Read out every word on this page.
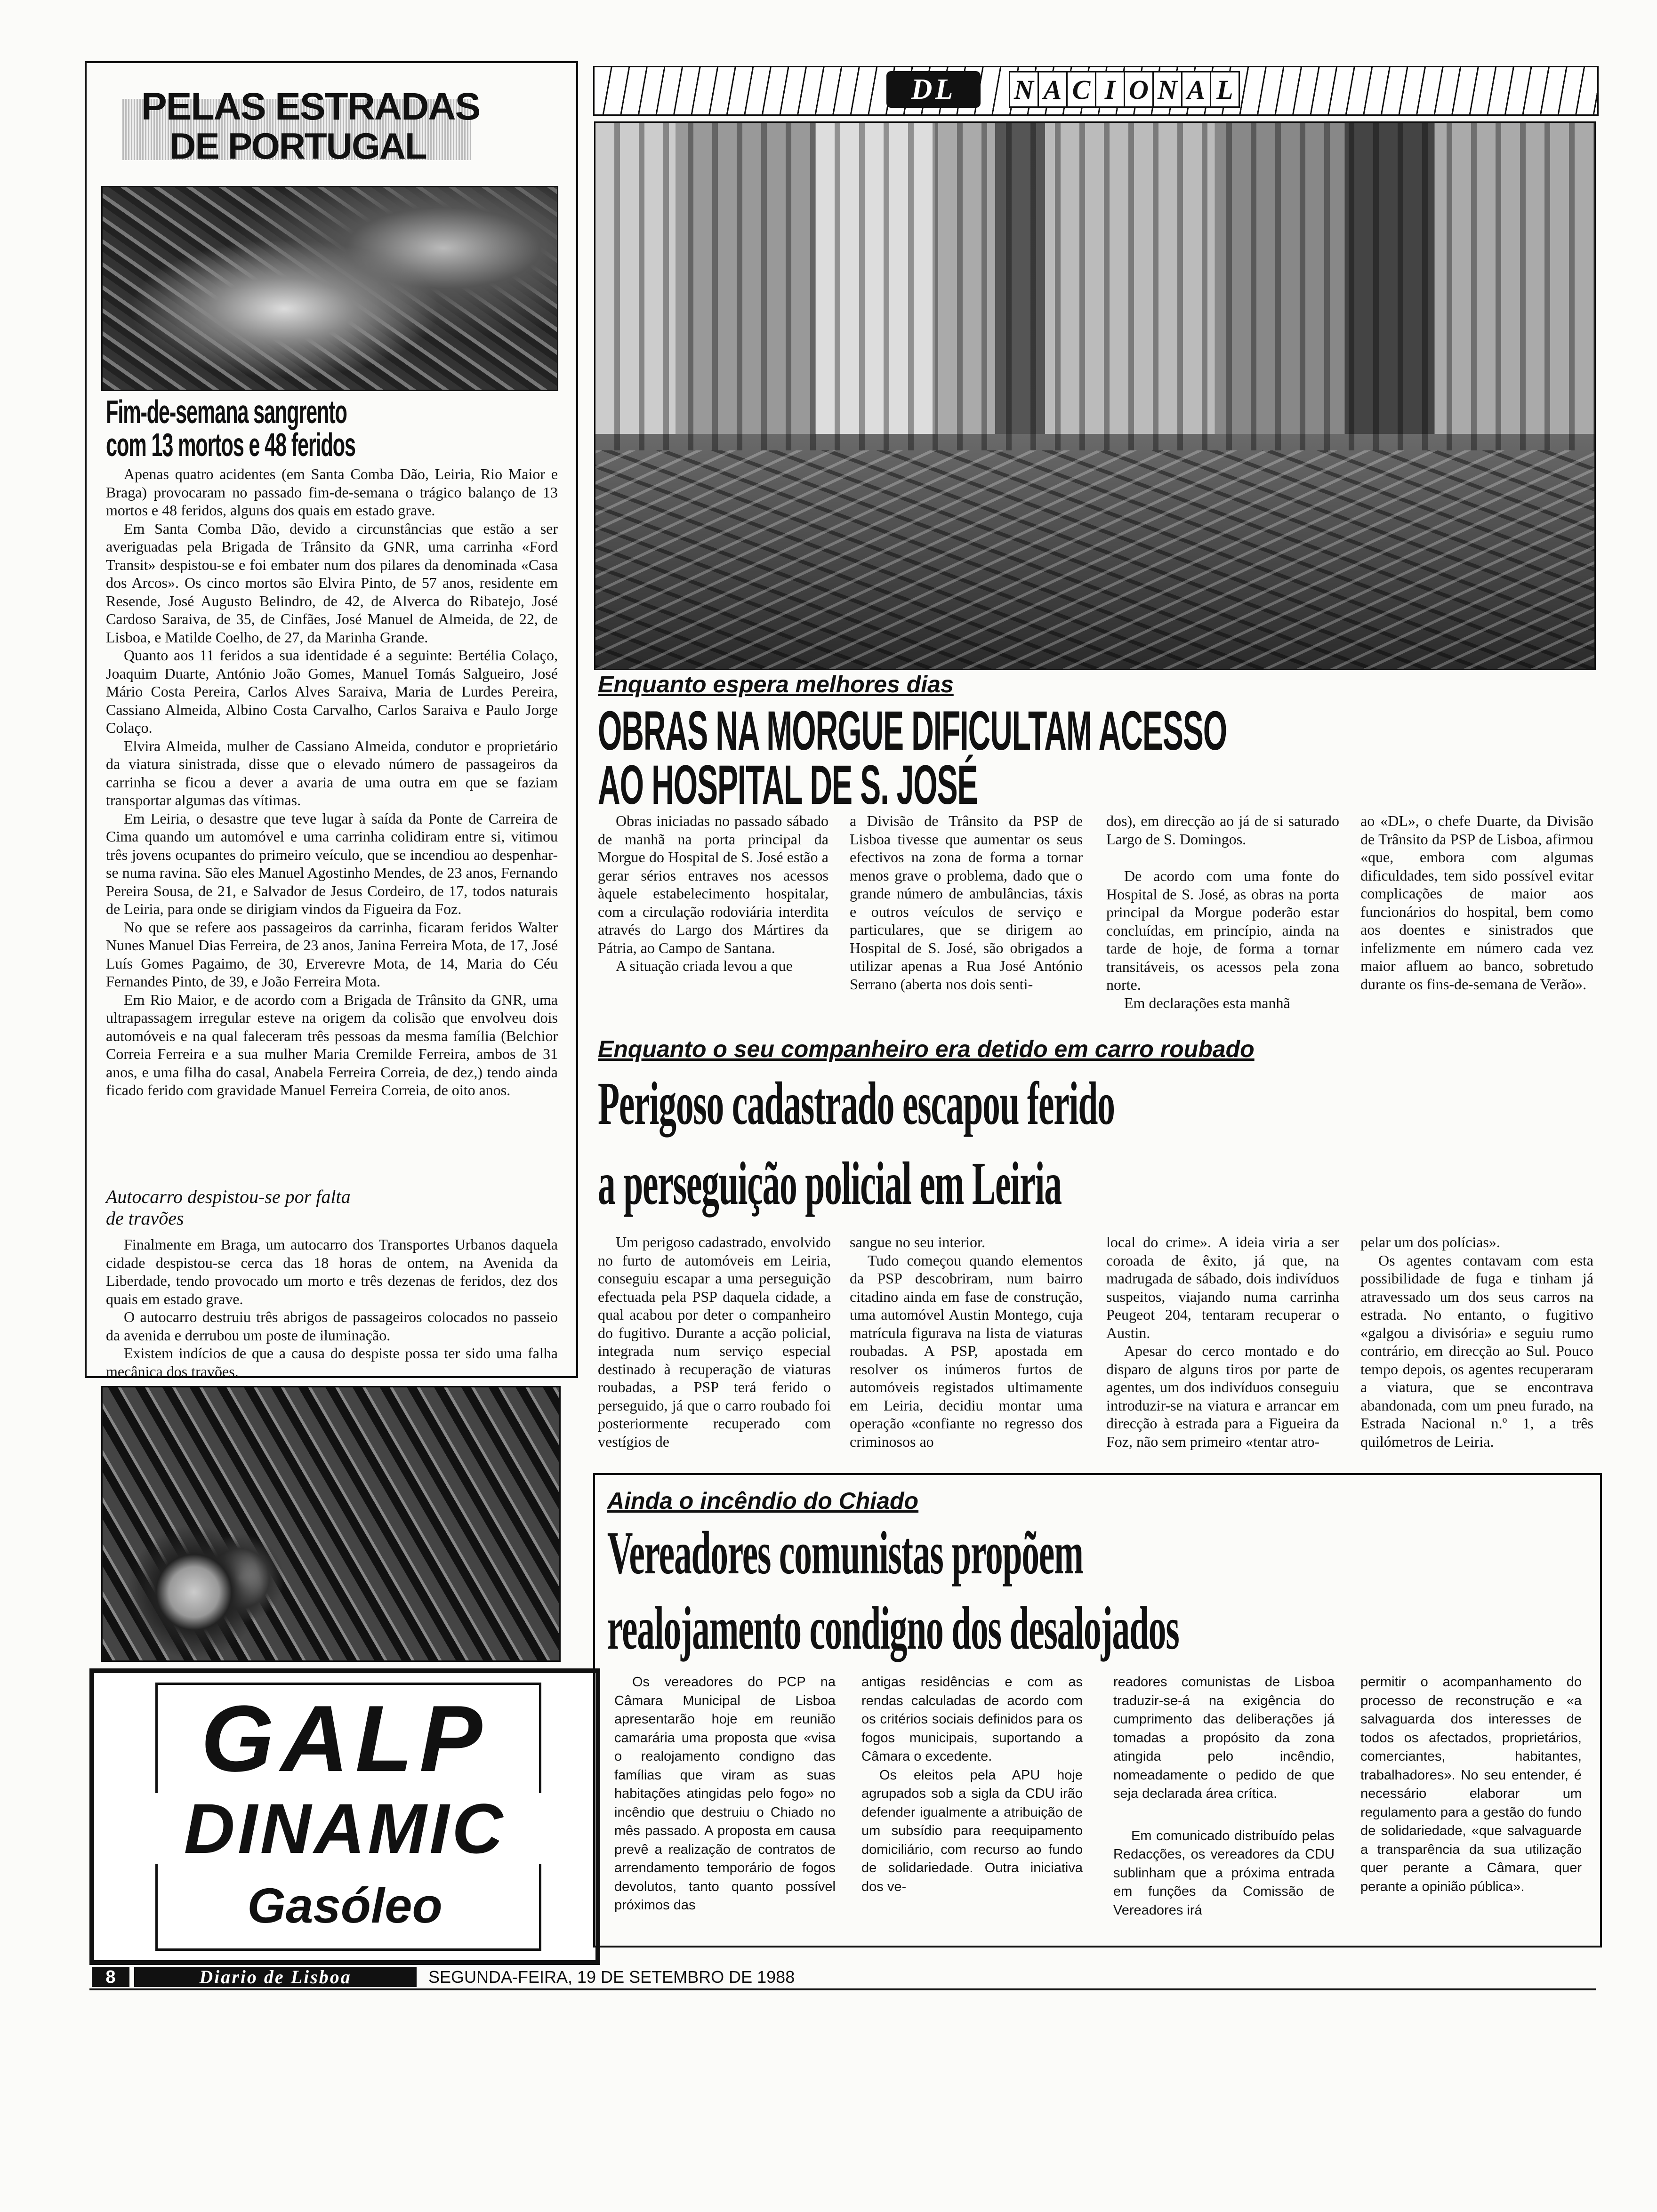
PELAS ESTRADAS
DE PORTUGAL
Fim-de-semana sangrento
com 13 mortos e 48 feridos

Apenas quatro acidentes (em Santa Comba Dão, Leiria, Rio Maior e Braga) provocaram no passado fim-de-semana o trágico balanço de 13 mortos e 48 feridos, alguns dos quais em estado grave.

Em Santa Comba Dão, devido a circunstâncias que estão a ser averiguadas pela Brigada de Trânsito da GNR, uma carrinha «Ford Transit» despistou-se e foi embater num dos pilares da denominada «Casa dos Arcos». Os cinco mortos são Elvira Pinto, de 57 anos, residente em Resende, José Augusto Belindro, de 42, de Alverca do Ribatejo, José Cardoso Saraiva, de 35, de Cinfães, José Manuel de Almeida, de 22, de Lisboa, e Matilde Coelho, de 27, da Marinha Grande.

Quanto aos 11 feridos a sua identidade é a seguinte: Bertélia Colaço, Joaquim Duarte, António João Gomes, Manuel Tomás Salgueiro, José Mário Costa Pereira, Carlos Alves Saraiva, Maria de Lurdes Pereira, Cassiano Almeida, Albino Costa Carvalho, Carlos Saraiva e Paulo Jorge Colaço.

Elvira Almeida, mulher de Cassiano Almeida, condutor e proprietário da viatura sinistrada, disse que o elevado número de passageiros da carrinha se ficou a dever a avaria de uma outra em que se faziam transportar algumas das vítimas.

Em Leiria, o desastre que teve lugar à saída da Ponte de Carreira de Cima quando um automóvel e uma carrinha colidiram entre si, vitimou três jovens ocupantes do primeiro veículo, que se incendiou ao despenhar-se numa ravina. São eles Manuel Agostinho Mendes, de 23 anos, Fernando Pereira Sousa, de 21, e Salvador de Jesus Cordeiro, de 17, todos naturais de Leiria, para onde se dirigiam vindos da Figueira da Foz.

No que se refere aos passageiros da carrinha, ficaram feridos Walter Nunes Manuel Dias Ferreira, de 23 anos, Janina Ferreira Mota, de 17, José Luís Gomes Pagaimo, de 30, Erverevre Mota, de 14, Maria do Céu Fernandes Pinto, de 39, e João Ferreira Mota.

Em Rio Maior, e de acordo com a Brigada de Trânsito da GNR, uma ultrapassagem irregular esteve na origem da colisão que envolveu dois automóveis e na qual faleceram três pessoas da mesma família (Belchior Correia Ferreira e a sua mulher Maria Cremilde Ferreira, ambos de 31 anos, e uma filha do casal, Anabela Ferreira Correia, de dez,) tendo ainda ficado ferido com gravidade Manuel Ferreira Correia, de oito anos.

Autocarro despistou-se por falta de travões

Finalmente em Braga, um autocarro dos Transportes Urbanos daquela cidade despistou-se cerca das 18 horas de ontem, na Avenida da Liberdade, tendo provocado um morto e três dezenas de feridos, dez dos quais em estado grave.

O autocarro destruiu três abrigos de passageiros colocados no passeio da avenida e derrubou um poste de iluminação.

Existem indícios de que a causa do despiste possa ter sido uma falha mecânica dos travões.

GALP
DINAMIC
Gasóleo
DL	N A C I O N A L
Enquanto espera melhores dias
OBRAS NA MORGUE DIFICULTAM ACESSO
AO HOSPITAL DE S. JOSÉ

Obras iniciadas no passado sábado de manhã na porta principal da Morgue do Hospital de S. José estão a gerar sérios entraves nos acessos àquele estabelecimento hospitalar, com a circulação rodoviária interdita através do Largo dos Mártires da Pátria, ao Campo de Santana.

A situação criada levou a que

a Divisão de Trânsito da PSP de Lisboa tivesse que aumentar os seus efectivos na zona de forma a tornar menos grave o problema, dado que o grande número de ambulâncias, táxis e outros veículos de serviço e particulares, que se dirigem ao Hospital de S. José, são obrigados a utilizar apenas a Rua José António Serrano (aberta nos dois senti-

dos), em direcção ao já de si saturado Largo de S. Domingos.

De acordo com uma fonte do Hospital de S. José, as obras na porta principal da Morgue poderão estar concluídas, em princípio, ainda na tarde de hoje, de forma a tornar transitáveis, os acessos pela zona norte.

Em declarações esta manhã

ao «DL», o chefe Duarte, da Divisão de Trânsito da PSP de Lisboa, afirmou «que, embora com algumas dificuldades, tem sido possível evitar complicações de maior aos funcionários do hospital, bem como aos doentes e sinistrados que infelizmente em número cada vez maior afluem ao banco, sobretudo durante os fins-de-semana de Verão».

Enquanto o seu companheiro era detido em carro roubado
Perigoso cadastrado escapou ferido
a perseguição policial em Leiria

Um perigoso cadastrado, envolvido no furto de automóveis em Leiria, conseguiu escapar a uma perseguição efectuada pela PSP daquela cidade, a qual acabou por deter o companheiro do fugitivo. Durante a acção policial, integrada num serviço especial destinado à recuperação de viaturas roubadas, a PSP terá ferido o perseguido, já que o carro roubado foi posteriormente recuperado com vestígios de

sangue no seu interior.

Tudo começou quando elementos da PSP descobriram, num bairro citadino ainda em fase de construção, uma automóvel Austin Montego, cuja matrícula figurava na lista de viaturas roubadas. A PSP, apostada em resolver os inúmeros furtos de automóveis registados ultimamente em Leiria, decidiu montar uma operação «confiante no regresso dos criminosos ao

local do crime». A ideia viria a ser coroada de êxito, já que, na madrugada de sábado, dois indivíduos suspeitos, viajando numa carrinha Peugeot 204, tentaram recuperar o Austin.

Apesar do cerco montado e do disparo de alguns tiros por parte de agentes, um dos indivíduos conseguiu introduzir-se na viatura e arrancar em direcção à estrada para a Figueira da Foz, não sem primeiro «tentar atro-

pelar um dos polícias».

Os agentes contavam com esta possibilidade de fuga e tinham já atravessado um dos seus carros na estrada. No entanto, o fugitivo «galgou a divisória» e seguiu rumo contrário, em direcção ao Sul. Pouco tempo depois, os agentes recuperaram a viatura, que se encontrava abandonada, com um pneu furado, na Estrada Nacional n.º 1, a três quilómetros de Leiria.

Ainda o incêndio do Chiado
Vereadores comunistas propõem
realojamento condigno dos desalojados

Os vereadores do PCP na Câmara Municipal de Lisboa apresentarão hoje em reunião camarária uma proposta que «visa o realojamento condigno das famílias que viram as suas habitações atingidas pelo fogo» no incêndio que destruiu o Chiado no mês passado. A proposta em causa prevê a realização de contratos de arrendamento temporário de fogos devolutos, tanto quanto possível próximos das

antigas residências e com as rendas calculadas de acordo com os critérios sociais definidos para os fogos municipais, suportando a Câmara o excedente.

Os eleitos pela APU hoje agrupados sob a sigla da CDU irão defender igualmente a atribuição de um subsídio para reequipamento domiciliário, com recurso ao fundo de solidariedade. Outra iniciativa dos ve-

readores comunistas de Lisboa traduzir-se-á na exigência do cumprimento das deliberações já tomadas a propósito da zona atingida pelo incêndio, nomeadamente o pedido de que seja declarada área crítica.

Em comunicado distribuído pelas Redacções, os vereadores da CDU sublinham que a próxima entrada em funções da Comissão de Vereadores irá

permitir o acompanhamento do processo de reconstrução e «a salvaguarda dos interesses de todos os afectados, proprietários, comerciantes, habitantes, trabalhadores». No seu entender, é necessário elaborar um regulamento para a gestão do fundo de solidariedade, «que salvaguarde a transparência da sua utilização quer perante a Câmara, quer perante a opinião pública».

8	Diario de Lisboa	SEGUNDA-FEIRA, 19 DE SETEMBRO DE 1988
